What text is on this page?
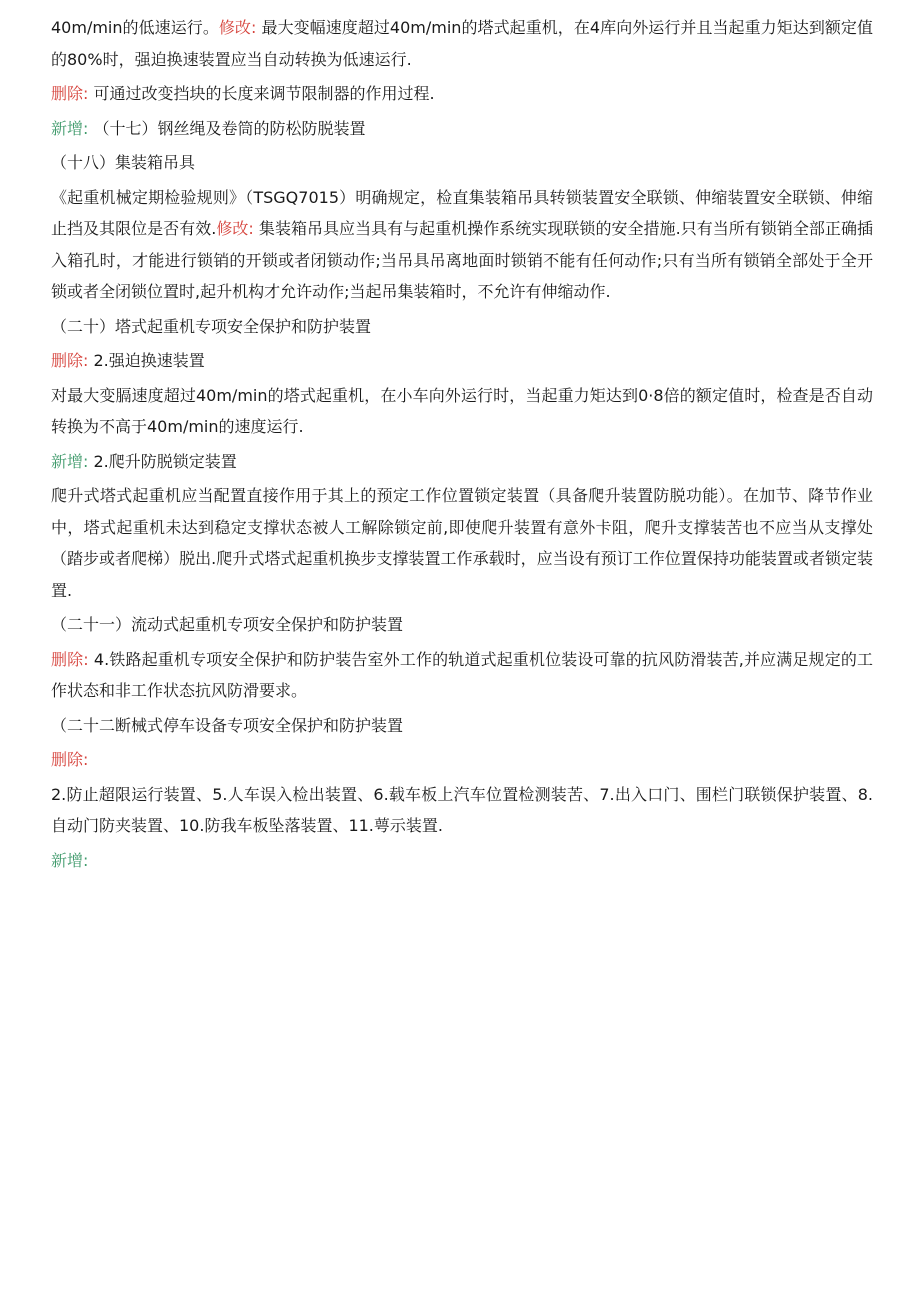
40m∕min的低速运行。修改: 最大变幅速度超过40m/min的塔式起重机，在4库向外运行并且当起重力矩达到额定值的80%时，强迫换速装置应当自动转换为低速运行.

删除: 可通过改变挡块的长度来调节限制器的作用过程.

新增: （十七）钢丝绳及卷筒的防松防脱装置

（十八）集装箱吊具

《起重机械定期检验规则》（TSGQ7015）明确规定，检直集装箱吊具转锁装置安全联锁、伸缩装置安全联锁、伸缩止挡及其限位是否有效.修改: 集装箱吊具应当具有与起重机操作系统实现联锁的安全措施.只有当所有锁销全部正确插入箱孔时，才能进行锁销的开锁或者闭锁动作;当吊具吊离地面时锁销不能有任何动作;只有当所有锁销全部处于全开锁或者全闭锁位置时,起升机构才允许动作;当起吊集装箱时，不允许有伸缩动作.

（二十）塔式起重机专项安全保护和防护装置

删除: 2.强迫换速装置

对最大变膈速度超过40m∕min的塔式起重机，在小车向外运行时，当起重力矩达到0·8倍的额定值时，检查是否自动转换为不高于40m∕min的速度运行.

新增: 2.爬升防脱锁定装置

爬升式塔式起重机应当配置直接作用于其上的预定工作位置锁定装置（具备爬升装置防脱功能）。在加节、降节作业中，塔式起重机未达到稳定支撑状态被人工解除锁定前,即使爬升装置有意外卡阻，爬升支撑装苦也不应当从支撑处（踏步或者爬梯）脱出.爬升式塔式起重机换步支撑装置工作承载时，应当设有预订工作位置保持功能装置或者锁定装置.

（二十一）流动式起重机专项安全保护和防护装置

删除: 4.铁路起重机专项安全保护和防护装告室外工作的轨道式起重机位装设可靠的抗风防滑装苦,并应满足规定的工作状态和非工作状态抗风防滑要求。

（二十二断械式停车设备专项安全保护和防护装置

删除:

2.防止超限运行装置、5.人车误入检出装置、6.载车板上汽车位置检测装苦、7.出入口门、围栏门联锁保护装置、8.自动门防夹装置、10.防我车板坠落装置、11.萼示装置.

新增:
